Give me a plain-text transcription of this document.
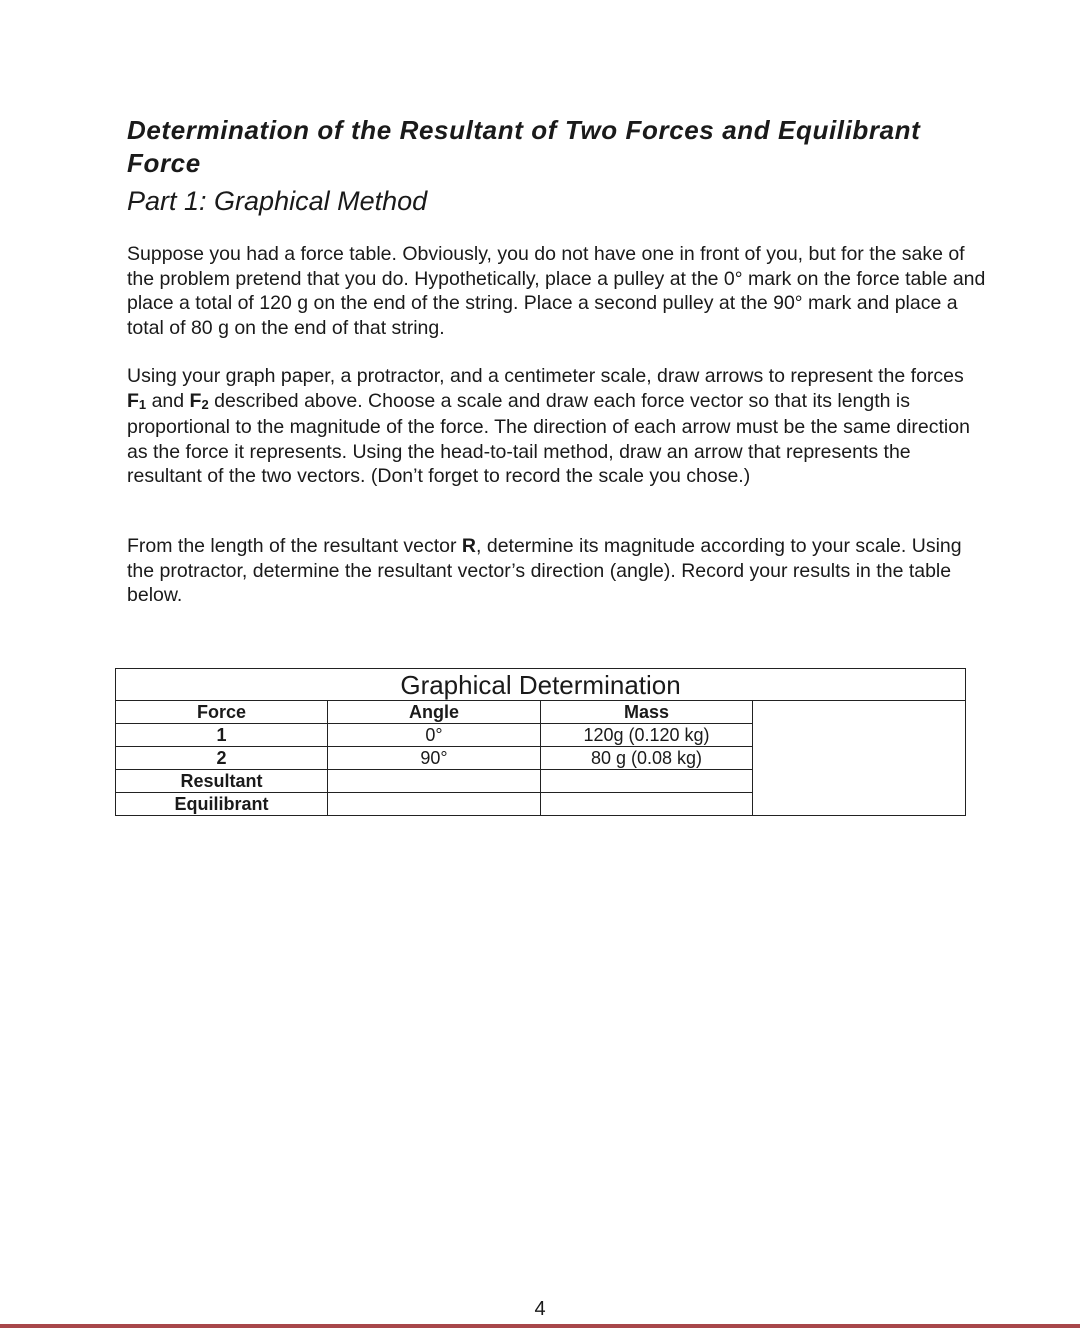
Determination of the Resultant of Two Forces and Equilibrant Force
Part 1: Graphical Method

Suppose you had a force table. Obviously, you do not have one in front of you, but for the sake of the problem pretend that you do. Hypothetically, place a pulley at the 0° mark on the force table and place a total of 120 g on the end of the string. Place a second pulley at the 90° mark and place a total of 80 g on the end of that string.

Using your graph paper, a protractor, and a centimeter scale, draw arrows to represent the forces $F_1$ and $F_2$ described above. Choose a scale and draw each force vector so that its length is proportional to the magnitude of the force. The direction of each arrow must be the same direction as the force it represents. Using the head-to-tail method, draw an arrow that represents the resultant of the two vectors. (Don’t forget to record the scale you chose.)

From the length of the resultant vector R, determine its magnitude according to your scale. Using the protractor, determine the resultant vector’s direction (angle). Record your results in the table below.

Graphical Determination			
Force	Angle	Mass	
1	0°	120g (0.120 kg)	
2	90°	80 g (0.08 kg)	
Resultant			
Equilibrant			
4
